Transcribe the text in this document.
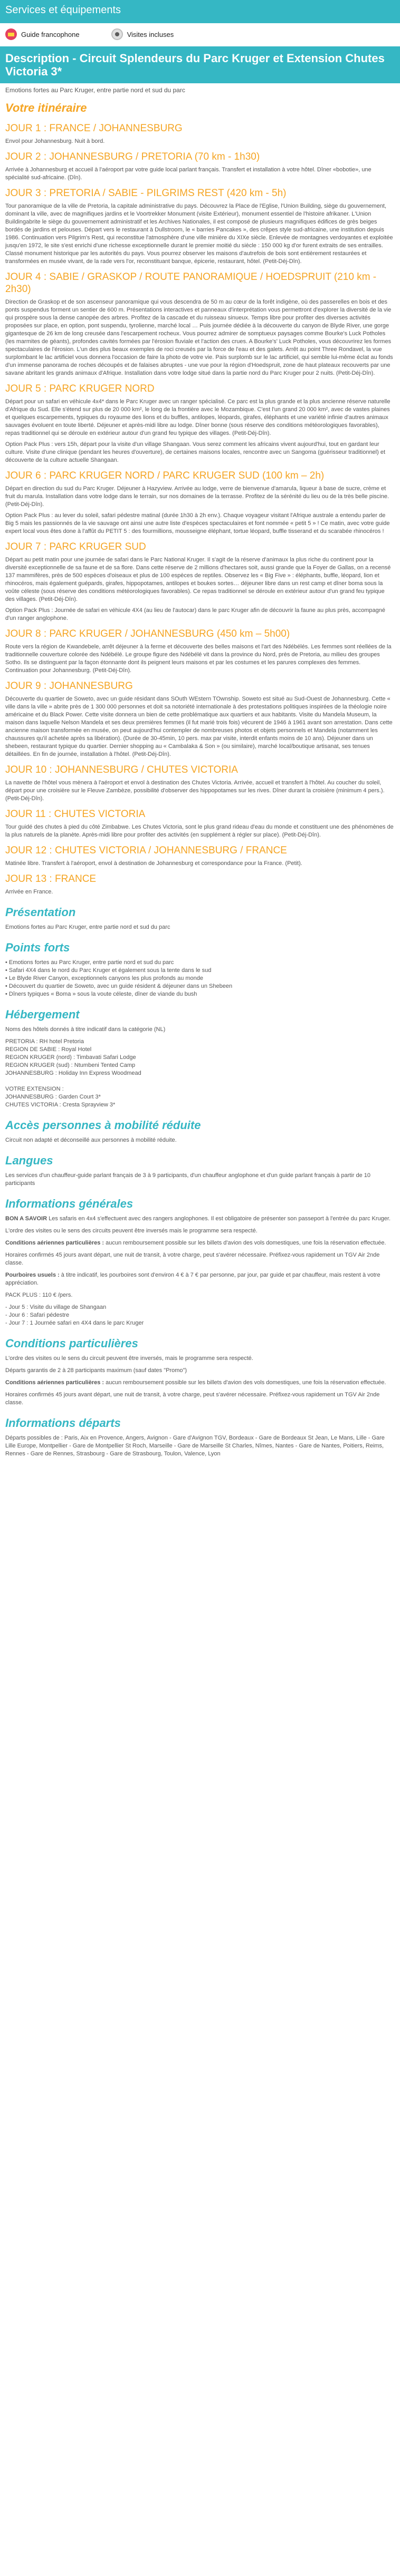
Services et équipements
Guide francophone	Visites incluses
Description - Circuit Splendeurs du Parc Kruger et Extension Chutes Victoria 3*
Emotions fortes au Parc Kruger, entre partie nord et sud du parc
Votre itinéraire
JOUR 1 : FRANCE / JOHANNESBURG

Envol pour Johannesburg. Nuit à bord.

JOUR 2 : JOHANNESBURG / PRETORIA (70 km - 1h30)

Arrivée à Johannesburg et accueil à l'aéroport par votre guide local parlant français. Transfert et installation à votre hôtel. Dîner «bobotie», une spécialité sud-africaine. (Dîn).

JOUR 3 : PRETORIA / SABIE - PILGRIMS REST (420 km - 5h)

Tour panoramique de la ville de Pretoria, la capitale administrative du pays. Découvrez la Place de l'Eglise, l'Union Building, siège du gouvernement, dominant la ville, avec de magnifiques jardins et le Voortrekker Monument (visite Extérieur), monument essentiel de l'histoire afrikaner. L'Union Buildingabrite le siège du gouvernement administratif et les Archives Nationales, il est composé de plusieurs magnifiques édifices de grès beiges bordés de jardins et pelouses. Départ vers le restaurant à Dullstroom, le « barries Pancakes », des crêpes style sud-africaine, une institution depuis 1986. Continuation vers Pilgrim's Rest, qui reconstitue l'atmosphère d'une ville minière du XIXe siècle. Enlevée de montagnes verdoyantes et exploitée jusqu'en 1972, le site s'est enrichi d'une richesse exceptionnelle durant le premier moitié du siècle : 150 000 kg d'or furent extraits de ses entrailles. Classé monument historique par les autorités du pays. Vous pourrez observer les maisons d'autrefois de bois sont entièrement restaurées et transformées en musée vivant, de la rade vers l'or, reconstituant banque, épicerie, restaurant, hôtel. (Petit-Déj-Dîn).

JOUR 4 : SABIE / GRASKOP / ROUTE PANORAMIQUE / HOEDSPRUIT (210 km - 2h30)

Direction de Graskop et de son ascenseur panoramique qui vous descendra de 50 m au cœur de la forêt indigène, où des passerelles en bois et des ponts suspendus forment un sentier de 600 m. Présentations interactives et panneaux d'interprétation vous permettront d'explorer la diversité de la vie qui prospère sous la dense canopée des arbres. Profitez de la cascade et du ruisseau sinueux. Temps libre pour profiter des diverses activités proposées sur place, en option, pont suspendu, tyrolienne, marché local … Puis journée dédiée à la découverte du canyon de Blyde River, une gorge gigantesque de 26 km de long creusée dans l'escarpement rocheux. Vous pourrez admirer de somptueux paysages comme Bourke's Luck Potholes (les marmites de géants), profondes cavités formées par l'érosion fluviale et l'action des crues. A Bourke's' Luck Potholes, vous découvrirez les formes spectaculaires de l'érosion. L'un des plus beaux exemples de roci creusés par la force de l'eau et des galets. Arrêt au point Three Rondavel, la vue surplombant le lac artificiel vous donnera l'occasion de faire la photo de votre vie. Pais surplomb sur le lac artificiel, qui semble lui-même éclat au fonds d'un immense panorama de roches découpés et de falaises abruptes - une vue pour la région d'Hoedspruit, zone de haut plateaux recouverts par une savane abritant les grands animaux d'Afrique. Installation dans votre lodge situé dans la partie nord du Parc Kruger pour 2 nuits. (Petit-Déj-Dîn).

JOUR 5 : PARC KRUGER NORD

Départ pour un safari en véhicule 4x4* dans le Parc Kruger avec un ranger spécialisé. Ce parc est la plus grande et la plus ancienne réserve naturelle d'Afrique du Sud. Elle s'étend sur plus de 20 000 km², le long de la frontière avec le Mozambique. C'est l'un grand 20 000 km², avec de vastes plaines et quelques escarpements, typiques du royaume des lions et du buffles, antilopes, léopards, girafes, éléphants et une variété infinie d'autres animaux sauvages évoluent en toute liberté. Déjeuner et après-midi libre au lodge. Dîner bonne (sous réserve des conditions météorologiques favorables), repas traditionnel qui se déroule en extérieur autour d'un grand feu typique des villages. (Petit-Déj-Dîn).

Option Pack Plus : vers 15h, départ pour la visite d'un village Shangaan. Vous serez comment les africains vivent aujourd'hui, tout en gardant leur culture. Visite d'une clinique (pendant les heures d'ouverture), de certaines maisons locales, rencontre avec un Sangoma (guérisseur traditionnel) et découverte de la culture actuelle Shangaan.

JOUR 6 : PARC KRUGER NORD / PARC KRUGER SUD (100 km – 2h)

Départ en direction du sud du Parc Kruger. Déjeuner à Hazyview. Arrivée au lodge, verre de bienvenue d'amarula, liqueur à base de sucre, crème et fruit du marula. Installation dans votre lodge dans le terrain, sur nos domaines de la terrasse. Profitez de la sérénité du lieu ou de la très belle piscine. (Petit-Déj-Dîn).

Option Pack Plus : au lever du soleil, safari pédestre matinal (durée 1h30 à 2h env.). Chaque voyageur visitant l'Afrique australe a entendu parler de Big 5 mais les passionnés de la vie sauvage ont ainsi une autre liste d'espèces spectaculaires et font nommée « petit 5 » ! Ce matin, avec votre guide expert local vous êtes done à l'affût du PETIT 5 : des fourmillions, mousseigne éléphant, tortue léopard, buffle tisserand et du scarabée rhinocéros !

JOUR 7 : PARC KRUGER SUD

Départ au petit matin pour une journée de safari dans le Parc National Kruger. Il s'agit de la réserve d'animaux la plus riche du continent pour la diversité exceptionnelle de sa faune et de sa flore. Dans cette réserve de 2 millions d'hectares soit, aussi grande que la Foyer de Gallas, on a recensé 137 mammifères, près de 500 espèces d'oiseaux et plus de 100 espèces de reptiles. Observez les « Big Five » : éléphants, buffle, léopard, lion et rhinocéros, mais également guépards, girafes, hippopotames, antilopes et boukes sortes… déjeuner libre dans un rest camp et dîner boma sous la voûte céleste (sous réserve des conditions météorologiques favorables). Ce repas traditionnel se déroule en extérieur autour d'un grand feu typique des villages. (Petit-Déj-Dîn).

Option Pack Plus : Journée de safari en véhicule 4X4 (au lieu de l'autocar) dans le parc Kruger afin de découvrir la faune au plus près, accompagné d'un ranger anglophone.

JOUR 8 : PARC KRUGER / JOHANNESBURG (450 km – 5h00)

Route vers la région de Kwandebele, arrêt déjeuner à la ferme et découverte des belles maisons et l'art des Ndébélés. Les femmes sont réellées de la traditionnelle couverture colorée des Ndébélé. Le groupe figure des Ndébélé vit dans la province du Nord, près de Pretoria, au milieu des groupes Sotho. Ils se distinguent par la façon étonnante dont ils peignent leurs maisons et par les costumes et les parures complexes des femmes. Continuation pour Johannesburg. (Petit-Déj-Dîn).

JOUR 9 : JOHANNESBURG

Découverte du quartier de Soweto, avec un guide résidant dans SOuth WEstern TOwnship. Soweto est situé au Sud-Ouest de Johannesburg. Cette « ville dans la ville » abrite près de 1 300 000 personnes et doit sa notoriété internationale à des protestations politiques inspirées de la théologie noire américaine et du Black Power. Cette visite donnera un bien de cette problématique aux quartiers et aux habitants. Visite du Mandela Museum, la maison dans laquelle Nelson Mandela et ses deux premières femmes (il fut marié trois fois) vécurent de 1946 à 1961 avant son arrestation. Dans cette ancienne maison transformée en musée, on peut aujourd'hui contempler de nombreuses photos et objets personnels et Mandela (notamment les chaussures qu'il achetée après sa libération). (Durée de 30-45min, 10 pers. max par visite, interdit enfants moins de 10 ans). Déjeuner dans un shebeen, restaurant typique du quartier. Dernier shopping au « Cambalaka & Son » (ou similaire), marché local/boutique artisanat, ses tenues détaillées. En fin de journée, installation à l'hôtel. (Petit-Déj-Dîn).

JOUR 10 : JOHANNESBURG / CHUTES VICTORIA

La navette de l'hôtel vous mènera à l'aéroport et envol à destination des Chutes Victoria. Arrivée, accueil et transfert à l'hôtel. Au coucher du soleil, départ pour une croisière sur le Fleuve Zambèze, possibilité d'observer des hippopotames sur les rives. Dîner durant la croisière (minimum 4 pers.). (Petit-Déj-Dîn).

JOUR 11 : CHUTES VICTORIA

Tour guidé des chutes à pied du côté Zimbabwe. Les Chutes Victoria, sont le plus grand rideau d'eau du monde et constituent une des phénomènes de la plus naturels de la planète. Après-midi libre pour profiter des activités (en supplément à régler sur place). (Petit-Déj-Dîn).

JOUR 12 : CHUTES VICTORIA / JOHANNESBURG / FRANCE

Matinée libre. Transfert à l'aéroport, envol à destination de Johannesburg et correspondance pour la France. (Petit).

JOUR 13 : FRANCE

Arrivée en France.

Présentation

Emotions fortes au Parc Kruger, entre partie nord et sud du parc

Points forts
• Emotions fortes au Parc Kruger, entre partie nord et sud du parc
• Safari 4X4 dans le nord du Parc Kruger et également sous la tente dans le sud
• Le Blyde River Canyon, exceptionnels canyons les plus profonds au monde
• Découvert du quartier de Soweto, avec un guide résident & déjeuner dans un Shebeen
• Dîners typiques « Boma » sous la voute céleste, dîner de viande du bush
Hébergement

Noms des hôtels donnés à titre indicatif dans la catégorie (NL)

PRETORIA : RH hotel Pretoria
REGION DE SABIE : Royal Hotel
REGION KRUGER (nord) : Timbavati Safari Lodge
REGION KRUGER (sud) : Ntumbeni Tented Camp
JOHANNESBURG : Holiday Inn Express Woodmead

VOTRE EXTENSION :
JOHANNESBURG : Garden Court 3*
CHUTES VICTORIA : Cresta Sprayview 3*
Accès personnes à mobilité réduite

Circuit non adapté et déconseillé aux personnes à mobilité réduite.

Langues

Les services d'un chauffeur-guide parlant français de 3 à 9 participants, d'un chauffeur anglophone et d'un guide parlant français à partir de 10 participants

Informations générales

BON A SAVOIR Les safaris en 4x4 s'effectuent avec des rangers anglophones. Il est obligatoire de présenter son passeport à l'entrée du parc Kruger.

L'ordre des visites ou le sens des circuits peuvent être inversés mais le programme sera respecté.

Conditions aériennes particulières : aucun remboursement possible sur les billets d'avion des vols domestiques, une fois la réservation effectuée.

Horaires confirmés 45 jours avant départ, une nuit de transit, à votre charge, peut s'avérer nécessaire. Préfixez-vous rapidement un TGV Air 2nde classe.

Pourboires usuels : à titre indicatif, les pourboires sont d'environ 4 € à 7 € par personne, par jour, par guide et par chauffeur, mais restent à votre appréciation.

PACK PLUS : 110 € /pers.

- Jour 5 : Visite du village de Shangaan
- Jour 6 : Safari pédestre
- Jour 7 : 1 Journée safari en 4X4 dans le parc Kruger

Conditions particulières

L'ordre des visites ou le sens du circuit peuvent être inversés, mais le programme sera respecté.

Départs garantis de 2 à 28 participants maximum (sauf dates "Promo")

Conditions aériennes particulières : aucun remboursement possible sur les billets d'avion des vols domestiques, une fois la réservation effectuée.

Horaires confirmés 45 jours avant départ, une nuit de transit, à votre charge, peut s'avérer nécessaire. Préfixez-vous rapidement un TGV Air 2nde classe.

Informations départs

Départs possibles de : Paris, Aix en Provence, Angers, Avignon - Gare d'Avignon TGV, Bordeaux - Gare de Bordeaux St Jean, Le Mans, Lille - Gare Lille Europe, Montpellier - Gare de Montpellier St Roch, Marseille - Gare de Marseille St Charles, Nîmes, Nantes - Gare de Nantes, Poitiers, Reims, Rennes - Gare de Rennes, Strasbourg - Gare de Strasbourg, Toulon, Valence, Lyon
